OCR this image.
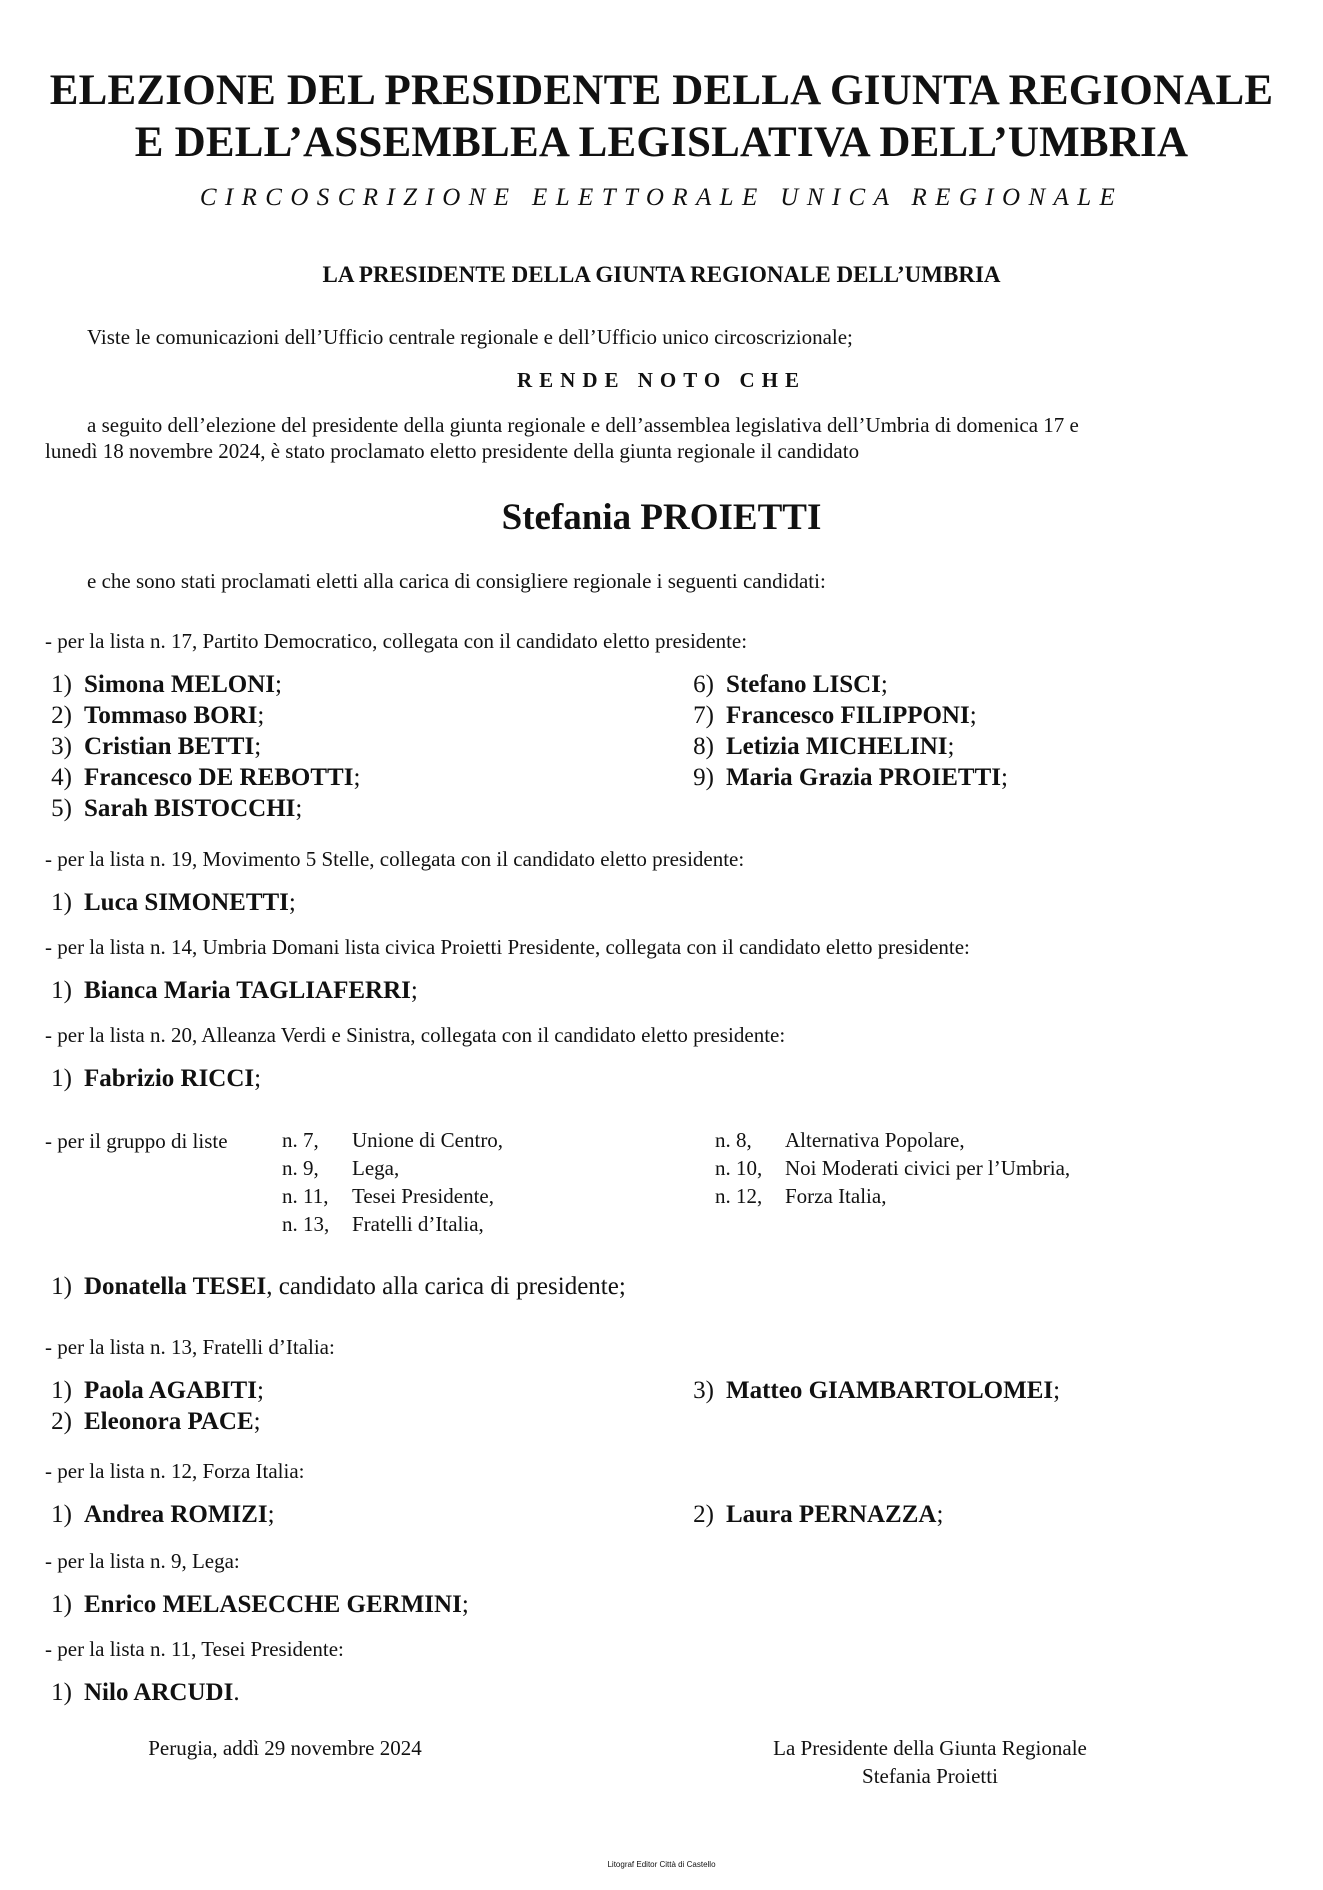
ELEZIONE DEL PRESIDENTE DELLA GIUNTA REGIONALE
E DELL’ASSEMBLEA LEGISLATIVA DELL’UMBRIA
CIRCOSCRIZIONE ELETTORALE UNICA REGIONALE
LA PRESIDENTE DELLA GIUNTA REGIONALE DELL’UMBRIA
Viste le comunicazioni dell’Ufficio centrale regionale e dell’Ufficio unico circoscrizionale;
RENDE NOTO CHE
a seguito dell’elezione del presidente della giunta regionale e dell’assemblea legislativa dell’Umbria di domenica 17 e
lunedì 18 novembre 2024, è stato proclamato eletto presidente della giunta regionale il candidato
Stefania PROIETTI
e che sono stati proclamati eletti alla carica di consigliere regionale i seguenti candidati:
- per la lista n. 17, Partito Democratico, collegata con il candidato eletto presidente:
1) Simona MELONI;
2) Tommaso BORI;
3) Cristian BETTI;
4) Francesco DE REBOTTI;
5) Sarah BISTOCCHI;
6) Stefano LISCI;
7) Francesco FILIPPONI;
8) Letizia MICHELINI;
9) Maria Grazia PROIETTI;
- per la lista n. 19, Movimento 5 Stelle, collegata con il candidato eletto presidente:
1) Luca SIMONETTI;
- per la lista n. 14, Umbria Domani lista civica Proietti Presidente, collegata con il candidato eletto presidente:
1) Bianca Maria TAGLIAFERRI;
- per la lista n. 20, Alleanza Verdi e Sinistra, collegata con il candidato eletto presidente:
1) Fabrizio RICCI;
- per il gruppo di liste	n. 7, Unione di Centro,
n. 9, Lega,
n. 11, Tesei Presidente,
n. 13, Fratelli d’Italia,
n. 8, Alternativa Popolare,
n. 10, Noi Moderati civici per l’Umbria,
n. 12, Forza Italia,
1) Donatella TESEI, candidato alla carica di presidente;
- per la lista n. 13, Fratelli d’Italia:
1) Paola AGABITI;
2) Eleonora PACE;
3) Matteo GIAMBARTOLOMEI;
- per la lista n. 12, Forza Italia:
1) Andrea ROMIZI;	2) Laura PERNAZZA;
- per la lista n. 9, Lega:
1) Enrico MELASECCHE GERMINI;
- per la lista n. 11, Tesei Presidente:
1) Nilo ARCUDI.
Perugia, addì 29 novembre 2024	La Presidente della Giunta Regionale
Stefania Proietti
Litograf Editor Città di Castello
